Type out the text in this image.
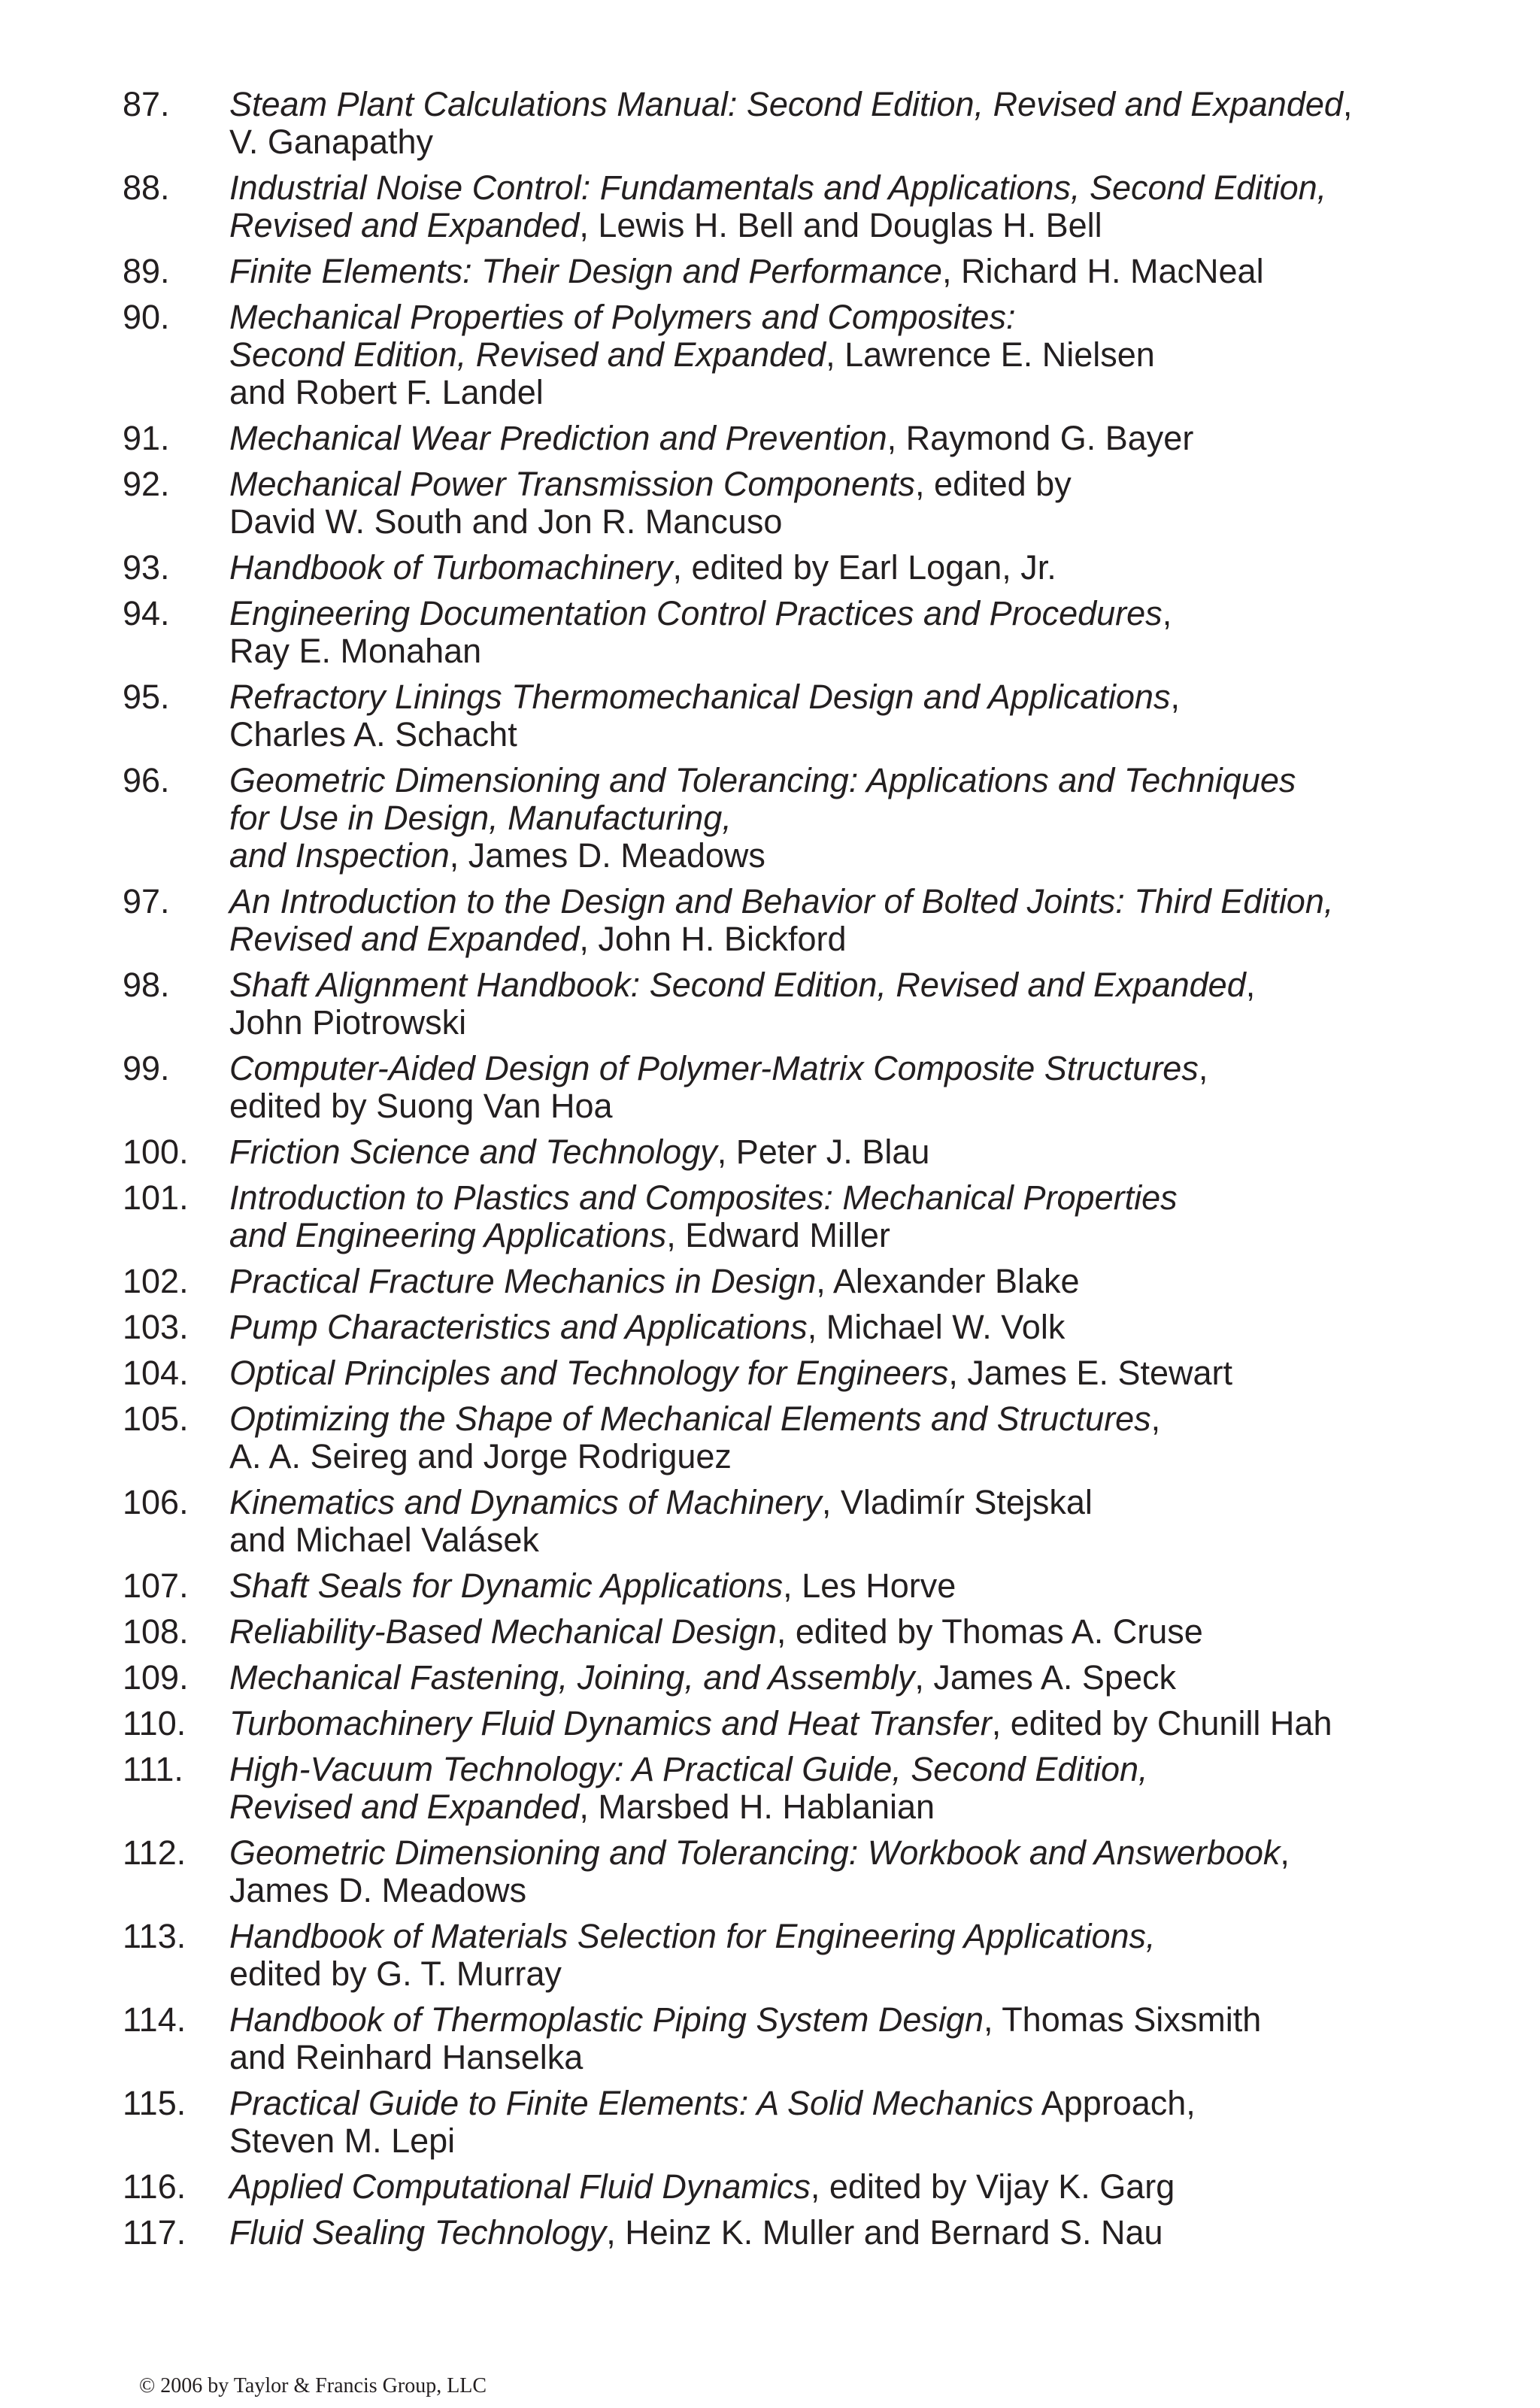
87. Steam Plant Calculations Manual: Second Edition, Revised and Expanded,
V. Ganapathy
88. Industrial Noise Control: Fundamentals and Applications, Second Edition,
Revised and Expanded, Lewis H. Bell and Douglas H. Bell
89. Finite Elements: Their Design and Performance, Richard H. MacNeal
90. Mechanical Properties of Polymers and Composites:
Second Edition, Revised and Expanded, Lawrence E. Nielsen
and Robert F. Landel
91. Mechanical Wear Prediction and Prevention, Raymond G. Bayer
92. Mechanical Power Transmission Components, edited by
David W. South and Jon R. Mancuso
93. Handbook of Turbomachinery, edited by Earl Logan, Jr.
94. Engineering Documentation Control Practices and Procedures,
Ray E. Monahan
95. Refractory Linings Thermomechanical Design and Applications,
Charles A. Schacht
96. Geometric Dimensioning and Tolerancing: Applications and Techniques
for Use in Design, Manufacturing,
and Inspection, James D. Meadows
97. An Introduction to the Design and Behavior of Bolted Joints: Third Edition,
Revised and Expanded, John H. Bickford
98. Shaft Alignment Handbook: Second Edition, Revised and Expanded,
John Piotrowski
99. Computer-Aided Design of Polymer-Matrix Composite Structures,
edited by Suong Van Hoa
100. Friction Science and Technology, Peter J. Blau
101. Introduction to Plastics and Composites: Mechanical Properties
and Engineering Applications, Edward Miller
102. Practical Fracture Mechanics in Design, Alexander Blake
103. Pump Characteristics and Applications, Michael W. Volk
104. Optical Principles and Technology for Engineers, James E. Stewart
105. Optimizing the Shape of Mechanical Elements and Structures,
A. A. Seireg and Jorge Rodriguez
106. Kinematics and Dynamics of Machinery, Vladimír Stejskal
and Michael Valásek
107. Shaft Seals for Dynamic Applications, Les Horve
108. Reliability-Based Mechanical Design, edited by Thomas A. Cruse
109. Mechanical Fastening, Joining, and Assembly, James A. Speck
110. Turbomachinery Fluid Dynamics and Heat Transfer, edited by Chunill Hah
111. High-Vacuum Technology: A Practical Guide, Second Edition,
Revised and Expanded, Marsbed H. Hablanian
112. Geometric Dimensioning and Tolerancing: Workbook and Answerbook,
James D. Meadows
113. Handbook of Materials Selection for Engineering Applications,
edited by G. T. Murray
114. Handbook of Thermoplastic Piping System Design, Thomas Sixsmith
and Reinhard Hanselka
115. Practical Guide to Finite Elements: A Solid Mechanics Approach,
Steven M. Lepi
116. Applied Computational Fluid Dynamics, edited by Vijay K. Garg
117. Fluid Sealing Technology, Heinz K. Muller and Bernard S. Nau
© 2006 by Taylor & Francis Group, LLC
